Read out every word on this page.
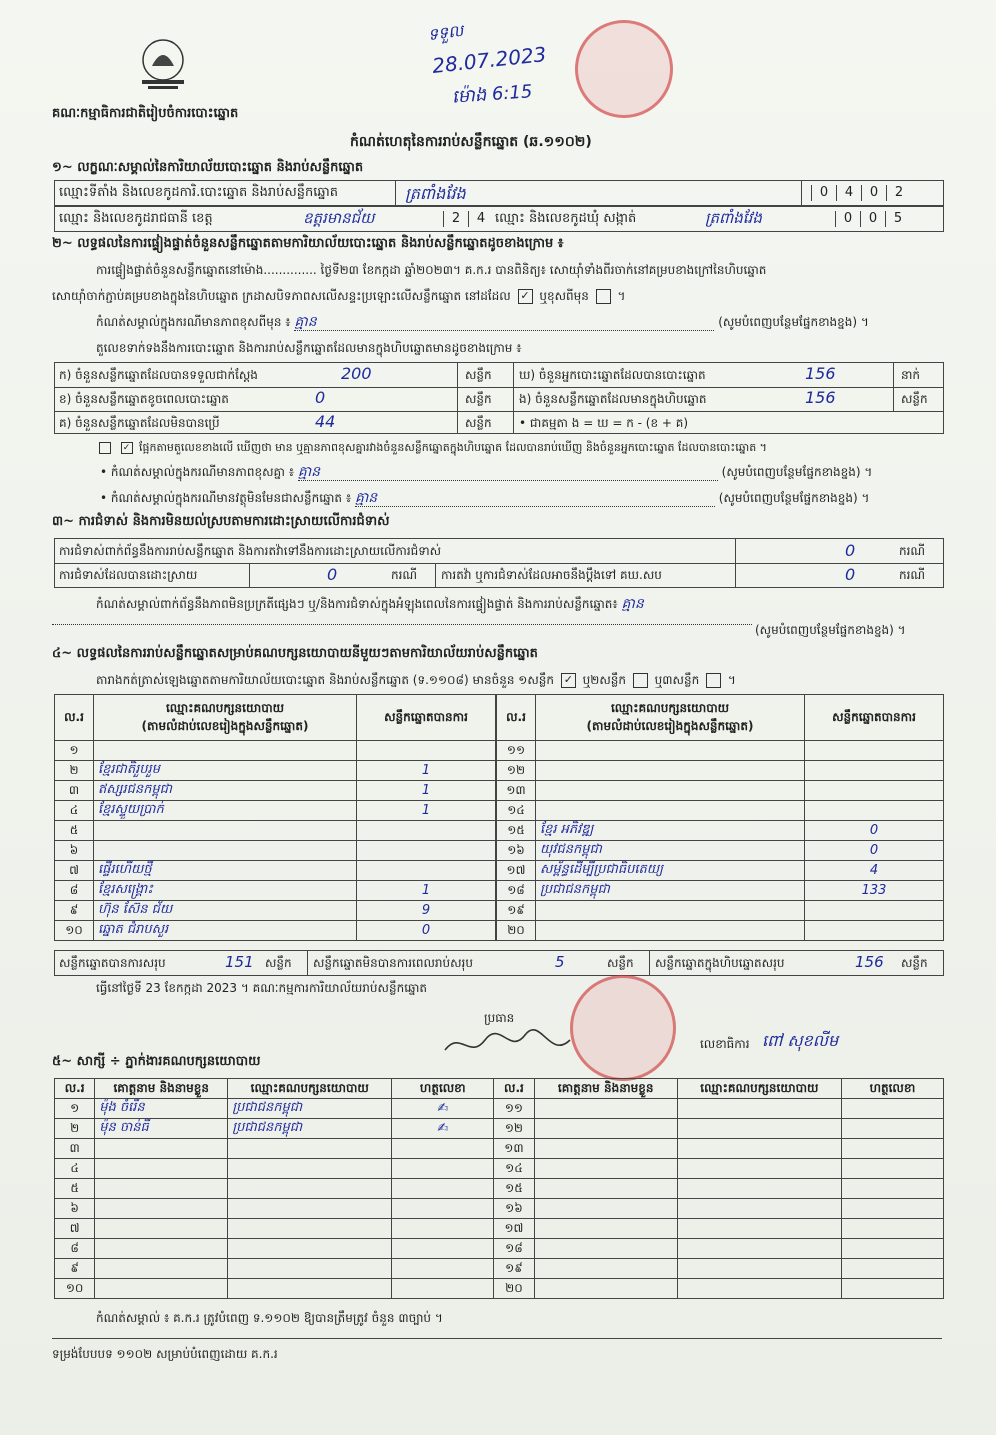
គណៈកម្មាធិការជាតិរៀបចំការបោះឆ្នោត
ទទួល
28.07.2023
ម៉ោង 6:15
កំណត់ហេតុនៃការរាប់សន្លឹកឆ្នោត (ឆ.១១០២)
១~ លក្ខណៈសម្គាល់នៃការិយាល័យបោះឆ្នោត និងរាប់សន្លឹកឆ្នោត
ឈ្មោះទីតាំង និងលេខកូដការិ.បោះឆ្នោត និងរាប់សន្លឹកឆ្នោត	ត្រពាំងវែង	0 4 0 2
ឈ្មោះ និងលេខកូដរាជធានី ខេត្ត	ឧត្តរមានជ័យ	2 4 ឈ្មោះ និងលេខកូដឃុំ សង្កាត់	ត្រពាំងវែង	0 0 5
២~ លទ្ធផលនៃការផ្ទៀងផ្ទាត់ចំនួនសន្លឹកឆ្នោតតាមការិយាល័យបោះឆ្នោត និងរាប់សន្លឹកឆ្នោតដូចខាងក្រោម ៖
ការផ្ទៀងផ្ទាត់ចំនួនសន្លឹកឆ្នោតនៅម៉ោង.............. ថ្ងៃទី២៣ ខែកក្កដា ឆ្នាំ២០២៣។ គ.ក.រ បានពិនិត្យ៖ សោយ៉ាំទាំងពីរចាក់នៅគម្របខាងក្រៅនៃហិបឆ្នោត
សោយ៉ាំចាក់ភ្ជាប់គម្របខាងក្នុងនៃហិបឆ្នោត ក្រដាសបិទភាពសលើសន្ទះប្រឡោះលើសន្លឹកឆ្នោត នៅដដែល ✓ ឬខុសពីមុន  ។
កំណត់សម្គាល់ក្នុងករណីមានភាពខុសពីមុន ៖ គ្មាន	(សូមបំពេញបន្ថែមផ្នែកខាងខ្នង) ។
តួលេខទាក់ទងនឹងការបោះឆ្នោត និងការរាប់សន្លឹកឆ្នោតដែលមានក្នុងហិបឆ្នោតមានដូចខាងក្រោម ៖
ក) ចំនួនសន្លឹកឆ្នោតដែលបានទទួលជាក់ស្តែង	200	សន្លឹក ឃ) ចំនួនអ្នកបោះឆ្នោតដែលបានបោះឆ្នោត	156	នាក់
ខ) ចំនួនសន្លឹកឆ្នោតខូចពេលបោះឆ្នោត	0	សន្លឹក ង) ចំនួនសន្លឹកឆ្នោតដែលមានក្នុងហិបឆ្នោត	156	សន្លឹក
គ) ចំនួនសន្លឹកឆ្នោតដែលមិនបានប្រើ	44	សន្លឹក • ជាគម្មតា ង = ឃ = ក - (ខ + គ)
✓ ផ្អែកតាមតួលេខខាងលើ ឃើញថា មាន ឬគ្មានភាពខុសគ្នារវាងចំនួនសន្លឹកឆ្នោតក្នុងហិបឆ្នោត ដែលបានរាប់ឃើញ និងចំនួនអ្នកបោះឆ្នោត ដែលបានបោះឆ្នោត ។
• កំណត់សម្គាល់ក្នុងករណីមានភាពខុសគ្នា ៖ គ្មាន	(សូមបំពេញបន្ថែមផ្នែកខាងខ្នង) ។
• កំណត់សម្គាល់ក្នុងករណីមានវត្ថុមិនមែនជាសន្លឹកឆ្នោត ៖ គ្មាន	(សូមបំពេញបន្ថែមផ្នែកខាងខ្នង) ។
៣~ ការជំទាស់ និងការមិនយល់ស្របតាមការដោះស្រាយលើការជំទាស់
ការជំទាស់ពាក់ព័ន្ធនឹងការរាប់សន្លឹកឆ្នោត និងការតវ៉ាទៅនឹងការដោះស្រាយលើការជំទាស់	0	ករណី
ការជំទាស់ដែលបានដោះស្រាយ	0	ករណី ការតវ៉ា ឬការជំទាស់ដែលអាចនឹងប្តឹងទៅ គឃ.សប	0	ករណី
កំណត់សម្គាល់ពាក់ព័ន្ធនឹងភាពមិនប្រក្រតីផ្សេងៗ ឬ/និងការជំទាស់ក្នុងអំឡុងពេលនៃការផ្ទៀងផ្ទាត់ និងការរាប់សន្លឹកឆ្នោត៖ គ្មាន
(សូមបំពេញបន្ថែមផ្នែកខាងខ្នង) ។
៤~ លទ្ធផលនៃការរាប់សន្លឹកឆ្នោតសម្រាប់គណបក្សនយោបាយនីមួយៗតាមការិយាល័យរាប់សន្លឹកឆ្នោត
តារាងកត់ត្រាស់ឡេងឆ្នោតតាមការិយាល័យបោះឆ្នោត និងរាប់សន្លឹកឆ្នោត (ទ.១១០៨) មានចំនួន ១សន្លឹក ✓ ឬ២សន្លឹក ឬ៣សន្លឹក  ។
ល.រ	ឈ្មោះគណបក្សនយោបាយ
(តាមលំដាប់លេខរៀងក្នុងសន្លឹកឆ្នោត)	សន្លឹកឆ្នោតបានការ
១		
២	ខ្មែរជាតិរួបរួម	1
៣	ឥស្សរជនកម្ពុជា	1
៤	ខ្មែរស្ទួយប្រាក់	1
៥		
៦		
៧	ផ្ទើរហើយថ្មី	
៨	ខ្មែរសង្គ្រោះ	1
៩	ហ៊ុន ស៊ែន ជ័យ	9
១០	ឆ្នោត ជំរាបសួរ	0
ល.រ	ឈ្មោះគណបក្សនយោបាយ
(តាមលំដាប់លេខរៀងក្នុងសន្លឹកឆ្នោត)	សន្លឹកឆ្នោតបានការ
១១		
១២		
១៣		
១៤		
១៥	ខ្មែរ អភិវឌ្ឍ	0
១៦	យុវជនកម្ពុជា	0
១៧	សម្ព័ន្ធដើម្បីប្រជាធិបតេយ្យ	4
១៨	ប្រជាជនកម្ពុជា	133
១៩		
២០		
សន្លឹកឆ្នោតបានការសរុប	151 សន្លឹក សន្លឹកឆ្នោតមិនបានការពេលរាប់សរុប	5	សន្លឹក សន្លឹកឆ្នោតក្នុងហិបឆ្នោតសរុប	156 សន្លឹក
ធ្វើនៅថ្ងៃទី 23 ខែកក្កដា 2023 ។ គណៈកម្មការការិយាល័យរាប់សន្លឹកឆ្នោត
ប្រធាន
លេខាធិការ ពៅ សុខលីម
៥~ សាក្សី ÷ ភ្នាក់ងារគណបក្សនយោបាយ
ល.រ	គោត្តនាម និងនាមខ្លួន	ឈ្មោះគណបក្សនយោបាយ	ហត្ថលេខា	ល.រ	គោត្តនាម និងនាមខ្លួន	ឈ្មោះគណបក្សនយោបាយ	ហត្ថលេខា
១	ម៉ុង ចំរើន	ប្រជាជនកម្ពុជា	✍	១១			
២	ម៉ុន ចាន់ធី	ប្រជាជនកម្ពុជា	✍	១២			
៣				១៣			
៤				១៤			
៥				១៥			
៦				១៦			
៧				១៧			
៨				១៨			
៩				១៩			
១០				២០			
កំណត់សម្គាល់ ៖ គ.ក.រ ត្រូវបំពេញ ទ.១១០២ ឱ្យបានត្រឹមត្រូវ ចំនួន ៣ច្បាប់ ។
ទម្រង់បែបបទ ១១០២ សម្រាប់បំពេញដោយ គ.ក.រ
